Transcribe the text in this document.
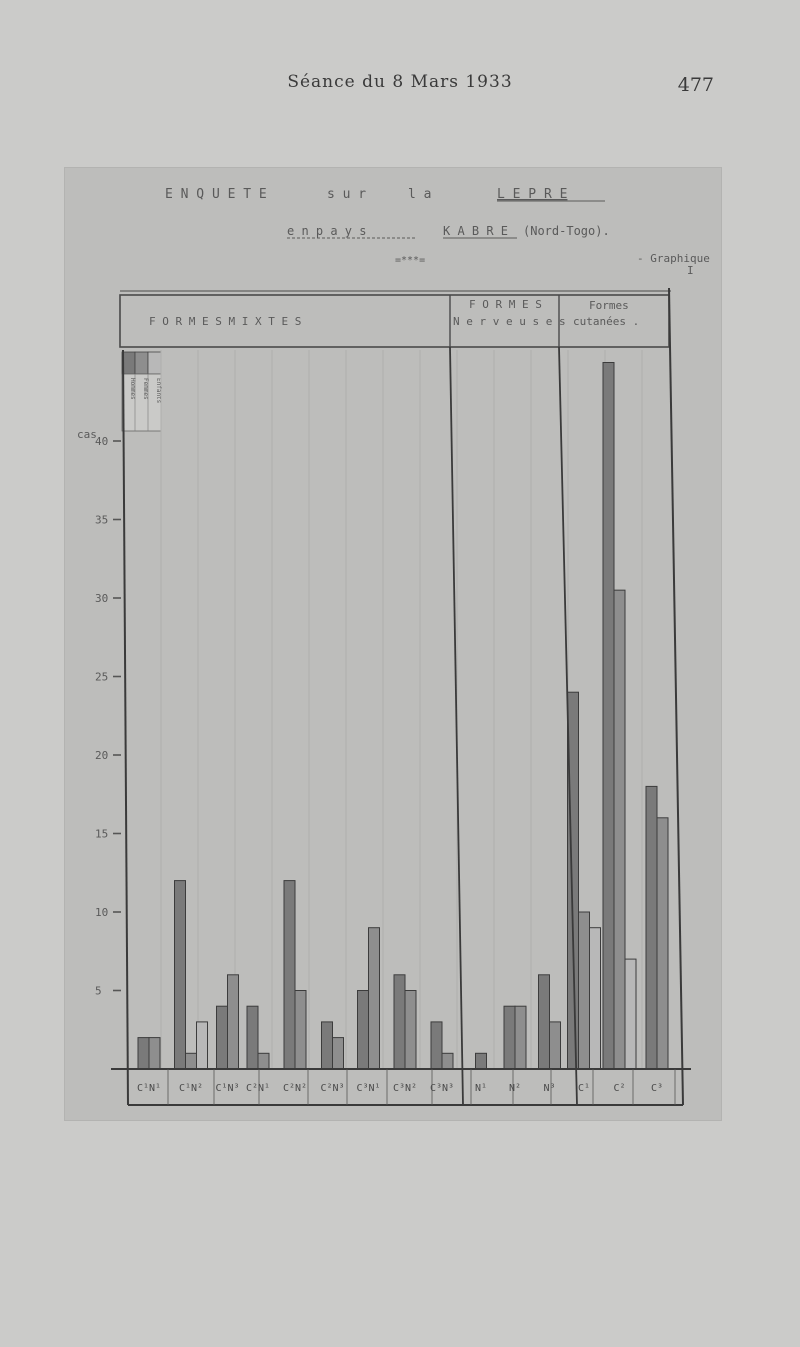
Séance du 8 Mars 1933	477
E N Q U E T E	s u r	l a	L E P R E
e n p a y s	K A B R E (Nord-Togo).
=***=	- Graphique
I
F O R M E S M I X T E S
F O R M E S
N e r v e u s e s
Formes
cutanées .
Hommes Femmes Enfants
cas
5
10
15
20
25
30
35
40
C¹N¹ C¹N² C¹N³ C²N¹ C²N² C²N³ C³N¹ C³N² C³N³ N¹ N² N³ C¹ C²	C³
